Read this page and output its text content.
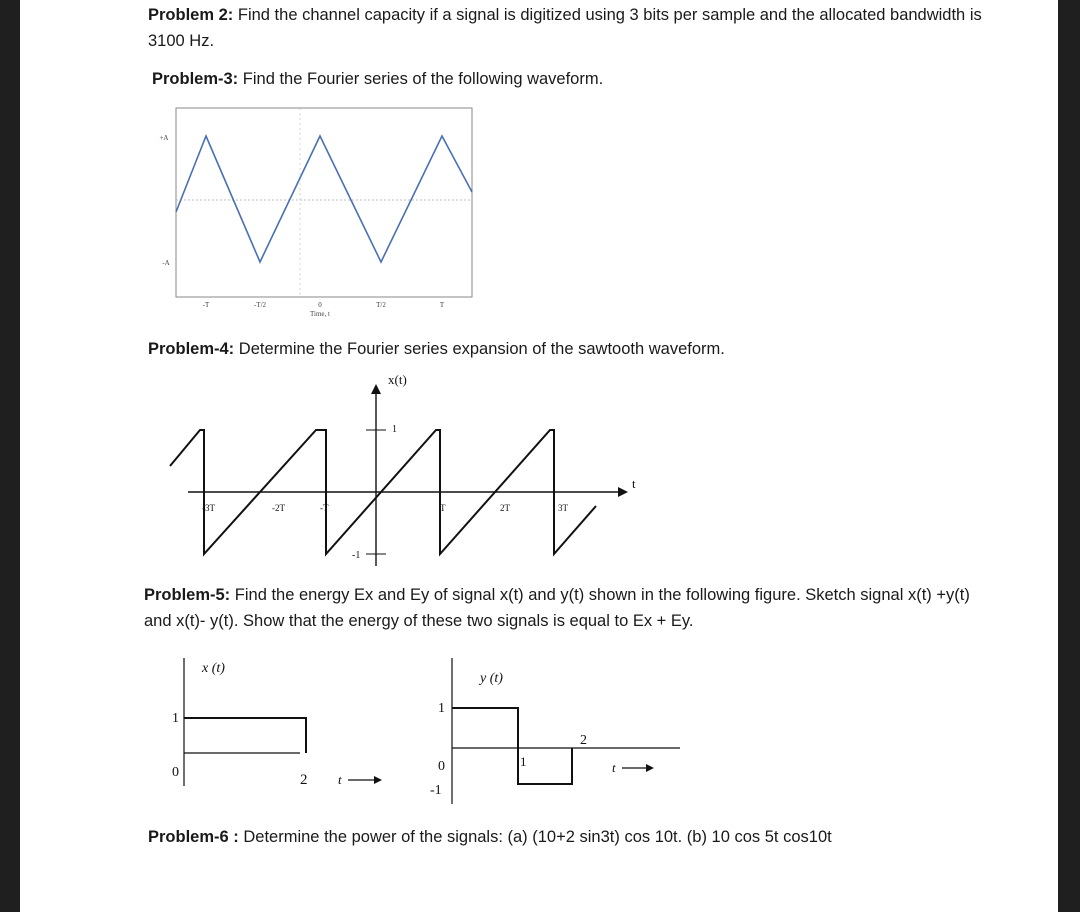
Problem 2: Find the channel capacity if a signal is digitized using 3 bits per sample and the allocated bandwidth is 3100 Hz.

Problem-3: Find the Fourier series of the following waveform.

+A
-A
-T	-T/2	0	T/2	T
Time, t

Problem-4: Determine the Fourier series expansion of the sawtooth waveform.

x(t)
t
1
-1
-3T	-2T	-T	T	2T	3T

Problem-5: Find the energy Ex and Ey of signal x(t) and y(t) shown in the following figure. Sketch signal x(t) +y(t) and x(t)- y(t). Show that the energy of these two signals is equal to Ex + Ey.

x (t)
1
0	2 t
y (t)
1
0
-1
1
2
t

Problem-6 : Determine the power of the signals: (a) (10+2 sin3t) cos 10t. (b) 10 cos 5t cos10t
